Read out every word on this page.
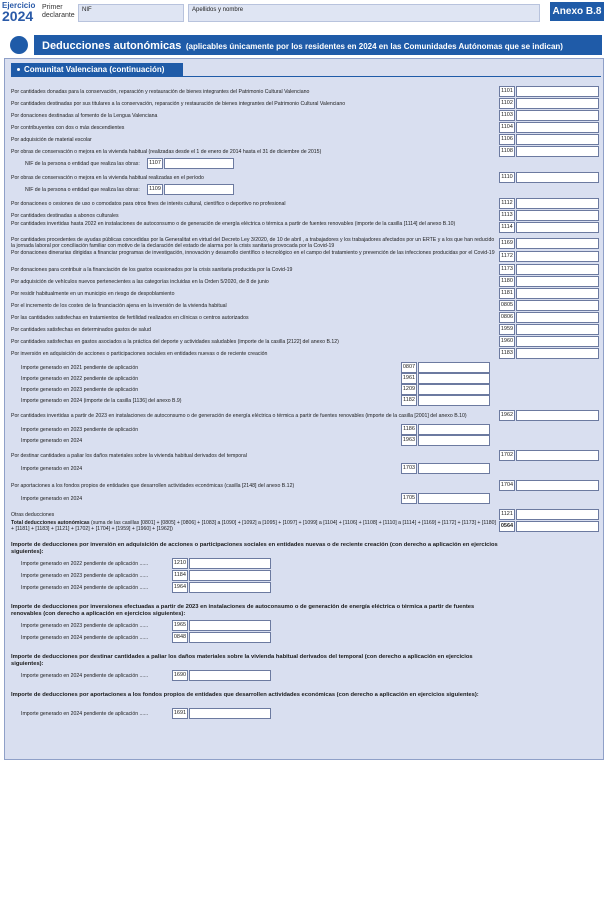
Ejercicio
2024
Primer declarante
NIF	Apellidos y nombre	Anexo B.8
Deducciones autonómicas (aplicables únicamente por los residentes en 2024 en las Comunidades Autónomas que se indican)
Comunitat Valenciana (continuación)
Por cantidades donadas para la conservación, reparación y restauración de bienes integrantes del Patrimonio Cultural Valenciano	1101
Por cantidades destinadas por sus titulares a la conservación, reparación y restauración de bienes integrantes del Patrimonio Cultural Valenciano	1102
Por donaciones destinadas al fomento de la Lengua Valenciana	1103
Por contribuyentes con dos o más descendientes	1104
Por adquisición de material escolar	1106
Por obras de conservación o mejora en la vivienda habitual (realizadas desde el 1 de enero de 2014 hasta el 31 de diciembre de 2015)	1108
NIF de la persona o entidad que realiza las obras:	1107
Por obras de conservación o mejora en la vivienda habitual realizadas en el período	1110
NIF de la persona o entidad que realiza las obras:	1109
Por donaciones o cesiones de uso o comodatos para otros fines de interés cultural, científico o deportivo no profesional	1112
Por cantidades destinadas a abonos culturales	1113
Por cantidades invertidas hasta 2022 en instalaciones de autoconsumo o de generación de energía eléctrica o térmica a partir de fuentes renovables (importe de la casilla [1114] del anexo B.10)	1114
Por cantidades procedentes de ayudas públicas concedidas por la Generalitat en virtud del Decreto Ley 3/2020, de 10 de abril , a trabajadores y los trabajadores afectados por un ERTE y a los que han reducido la jornada laboral por conciliación familiar con motivo de la declaración del estado de alarma por la crisis sanitaria provocada por la Covid-19	1169
Por donaciones dinerarias dirigidas a financiar programas de investigación, innovación y desarrollo científico o tecnológico en el campo del tratamiento y prevención de las infecciones producidas por el Covid-19	1172
Por donaciones para contribuir a la financiación de los gastos ocasionados por la crisis sanitaria producida por la Covid-19	1173
Por adquisición de vehículos nuevos pertenecientes a las categorías incluidas en la Orden 5/2020, de 8 de junio	1180
Por residir habitualmente en un municipio en riesgo de despoblamiento	1181
Por el incremento de los costes de la financiación ajena en la inversión de la vivienda habitual	0805
Por las cantidades satisfechas en tratamientos de fertilidad realizados en clínicas o centros autorizados	0806
Por cantidades satisfechas en determinados gastos de salud	1959
Por cantidades satisfechas en gastos asociados a la práctica del deporte y actividades saludables (importe de la casilla [2122] del anexo B.12)	1960
Por inversión en adquisición de acciones o participaciones sociales en entidades nuevas o de reciente creación	1183
Importe generado en 2021 pendiente de aplicación	0807
Importe generado en 2022 pendiente de aplicación	1961
Importe generado en 2023 pendiente de aplicación	1209
Importe generado en 2024 (importe de la casilla [1136] del anexo B.9)	1182
Por cantidades invertidas a partir de 2023 en instalaciones de autoconsumo o de generación de energía eléctrica o térmica a partir de fuentes renovables (importe de la casilla [2001] del anexo B.10)	1962
Importe generado en 2023 pendiente de aplicación	1186
Importe generado en 2024	1963
Por destinar cantidades a paliar los daños materiales sobre la vivienda habitual derivados del temporal	1702
Importe generado en 2024	1703
Por aportaciones a los fondos propios de entidades que desarrollen actividades económicas (casilla [2148] del anexo B.12)	1704
Importe generado en 2024	1705
Otras deducciones	1121
Total deducciones autonómicas (suma de las casillas [0801] + [0805] + [0806] + [1083] a [1090] + [1092] a [1095] + [1097] + [1099] a [1104] + [1106] + [1108] + [1110] a [1114] + [1169] + [1172] + [1173] + [1180] + [1181] + [1183] + [1121] + [1702] + [1704] + [1959] + [1960] + [1962])	0564
Importe de deducciones por inversión en adquisición de acciones o participaciones sociales en entidades nuevas o de reciente creación (con derecho a aplicación en ejercicios siguientes):
Importe generado en 2022 pendiente de aplicación ......	1210
Importe generado en 2023 pendiente de aplicación ......	1184
Importe generado en 2024 pendiente de aplicación ......	1964
Importe de deducciones por inversiones efectuadas a partir de 2023 en instalaciones de autoconsumo o de generación de energía eléctrica o térmica a partir de fuentes renovables (con derecho a aplicación en ejercicios siguientes):
Importe generado en 2023 pendiente de aplicación ......	1965
Importe generado en 2024 pendiente de aplicación ......	0848
Importe de deducciones por destinar cantidades a paliar los daños materiales sobre la vivienda habitual derivados del temporal (con derecho a aplicación en ejercicios siguientes):
Importe generado en 2024 pendiente de aplicación ......	1690
Importe de deducciones por aportaciones a los fondos propios de entidades que desarrollen actividades económicas (con derecho a aplicación en ejercicios siguientes):
Importe generado en 2024 pendiente de aplicación ......	1691
